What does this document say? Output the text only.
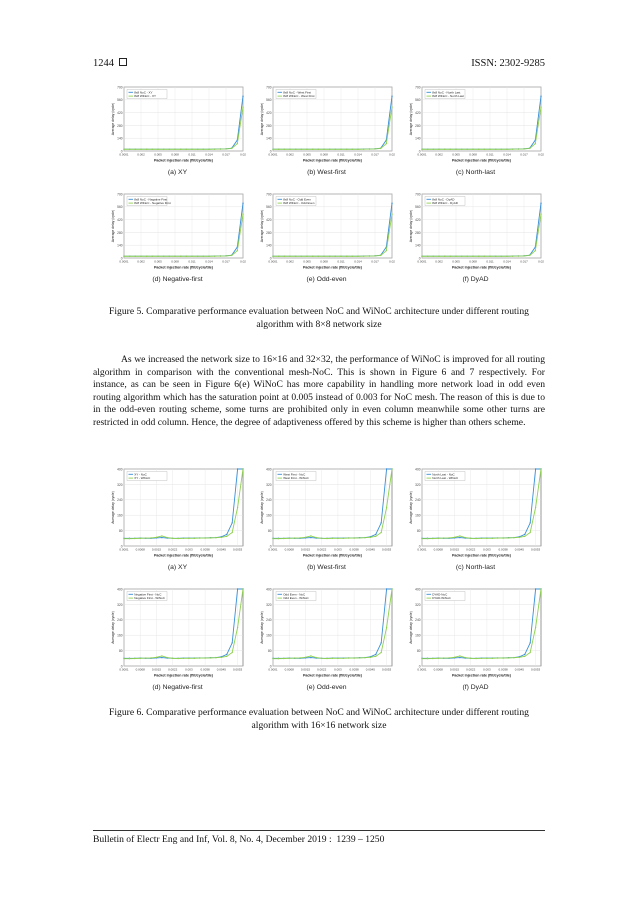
1244	ISSN: 2302-9285
0
140
280
420
560
700
0.0001	0.002	0.005	0.008	0.011	0.014	0.017	0.02
Packet injection rate (flit/cycle/tile)
Average delay (cycle)
8x8 NoC - XY
8x8 WiNoC - XY
(a) XY
0
140
280
420
560
700
0.0001	0.002	0.005	0.008	0.011	0.014	0.017	0.02
Packet injection rate (flit/cycle/tile)
Average delay (cycle)
8x8 NoC - West First
8x8 WiNoC - West First
(b) West-first
0
140
280
420
560
700
0.0001	0.002	0.005	0.008	0.011	0.014	0.017	0.02
Packet injection rate (flit/cycle/tile)
Average delay (cycle)
8x8 NoC - North Last
8x8 WiNoC - North Last
(c) North-last
0
140
280
420
560
700
0.0001	0.002	0.005	0.008	0.011	0.014	0.017	0.02
Packet injection rate (flit/cycle/tile)
Average delay (cycle)
8x8 NoC - Negative First
8x8 WiNoC - Negative First
(d) Negative-first
0
140
280
420
560
700
0.0001	0.002	0.005	0.008	0.011	0.014	0.017	0.02
Packet injection rate (flit/cycle/tile)
Average delay (cycle)
8x8 NoC - Odd Even
8x8 WiNoC - Odd Even
(e) Odd-even
0
140
280
420
560
700
0.0001	0.002	0.005	0.008	0.011	0.014	0.017	0.02
Packet injection rate (flit/cycle/tile)
Average delay (cycle)
8x8 NoC - DyAD
8x8 WiNoC - DyAD
(f) DyAD
Figure 5. Comparative performance evaluation between NoC and WiNoC architecture under different routing
algorithm with 8×8 network size
As we increased the network size to 16×16 and 32×32, the performance of WiNoC is improved for all routing algorithm in comparison with the conventional mesh-NoC. This is shown in Figure 6 and 7 respectively. For instance, as can be seen in Figure 6(e) WiNoC has more capability in handling more network load in odd even routing algorithm which has the saturation point at 0.005 instead of 0.003 for NoC mesh. The reason of this is due to in the odd-even routing scheme, some turns are prohibited only in even column meanwhile some other turns are restricted in odd column. Hence, the degree of adaptiveness offered by this scheme is higher than others scheme.
0
80
160
240
320
400
0.0001 0.0008 0.0015 0.0022	0.003	0.0038 0.0045 0.0053
Packet injection rate (flit/cycle/tile)
Average delay (cycle)
XY - NoC
XY - WiNoC
(a) XY
0
80
160
240
320
400
0.0001 0.0008 0.0015 0.0022	0.003	0.0038 0.0045 0.0053
Packet injection rate (flit/cycle/tile)
Average delay (cycle)
West First - NoC
West First - WiNoC
(b) West-first
0
80
160
240
320
400
0.0001 0.0008 0.0015 0.0022	0.003	0.0038 0.0045 0.0053
Packet injection rate (flit/cycle/tile)
Average delay (cycle)
North Last - NoC
North Last - WiNoC
(c) North-last
0
80
160
240
320
400
0.0001 0.0008 0.0015 0.0022	0.003	0.0038 0.0045 0.0053
Packet injection rate (flit/cycle/tile)
Average delay (cycle)
Negative First - NoC
Negative First - WiNoC
(d) Negative-first
0
80
160
240
320
400
0.0001 0.0008 0.0015 0.0022	0.003	0.0038 0.0045 0.0053
Packet injection rate (flit/cycle/tile)
Average delay (cycle)
Odd Even - NoC
Odd Even - WiNoC
(e) Odd-even
0
80
160
240
320
400
0.0001 0.0008 0.0015 0.0022	0.003	0.0038 0.0045 0.0053
Packet injection rate (flit/cycle/tile)
Average delay (cycle)
DYAD-NoC
DYAD-WiNoC
(f) DyAD
Figure 6. Comparative performance evaluation between NoC and WiNoC architecture under different routing
algorithm with 16×16 network size
Bulletin of Electr Eng and Inf, Vol. 8, No. 4, December 2019 :  1239 – 1250
